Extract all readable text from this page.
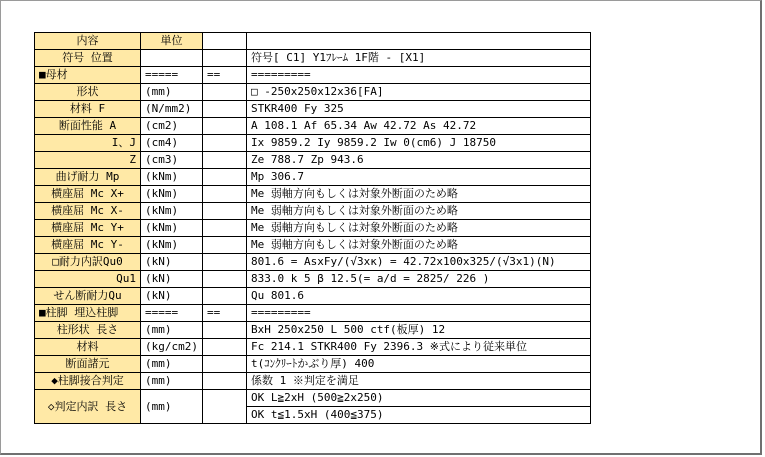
内容	単位		
符号 位置			符号[ C1] Y1ﾌﾚｰﾑ 1F階 - [X1]
■母材	=====	==	=========
形状	(mm)		□ -250x250x12x36[FA]
材料 F	(N/mm2)		STKR400 Fy 325
断面性能 A	(cm2)		A 108.1 Af 65.34 Aw 42.72 As 42.72
I、J	(cm4)		Ix 9859.2 Iy 9859.2 Iw 0(cm6) J 18750
Z	(cm3)		Ze 788.7 Zp 943.6
曲げ耐力 Mp	(kNm)		Mp 306.7
横座屈 Mc X+	(kNm)		Me 弱軸方向もしくは対象外断面のため略
横座屈 Mc X-	(kNm)		Me 弱軸方向もしくは対象外断面のため略
横座屈 Mc Y+	(kNm)		Me 弱軸方向もしくは対象外断面のため略
横座屈 Mc Y-	(kNm)		Me 弱軸方向もしくは対象外断面のため略
□耐力内訳Qu0	(kN)		801.6 = AsxFy/(√3xκ) = 42.72x100x325/(√3x1)(N)
Qu1	(kN)		833.0 k 5 β 12.5(= a/d = 2825/ 226 )
せん断耐力Qu	(kN)		Qu 801.6
■柱脚 埋込柱脚	=====	==	=========
柱形状 長さ	(mm)		BxH 250x250 L 500 ctf(板厚) 12
材料	(kg/cm2)		Fc 214.1 STKR400 Fy 2396.3 ※式により従来単位
断面諸元	(mm)		t(ｺﾝｸﾘｰﾄかぶり厚) 400
◆柱脚接合判定	(mm)		係数 1 ※判定を満足
◇判定内訳 長さ	(mm)		OK L≧2xH (500≧2x250)
			OK t≦1.5xH (400≦375)
